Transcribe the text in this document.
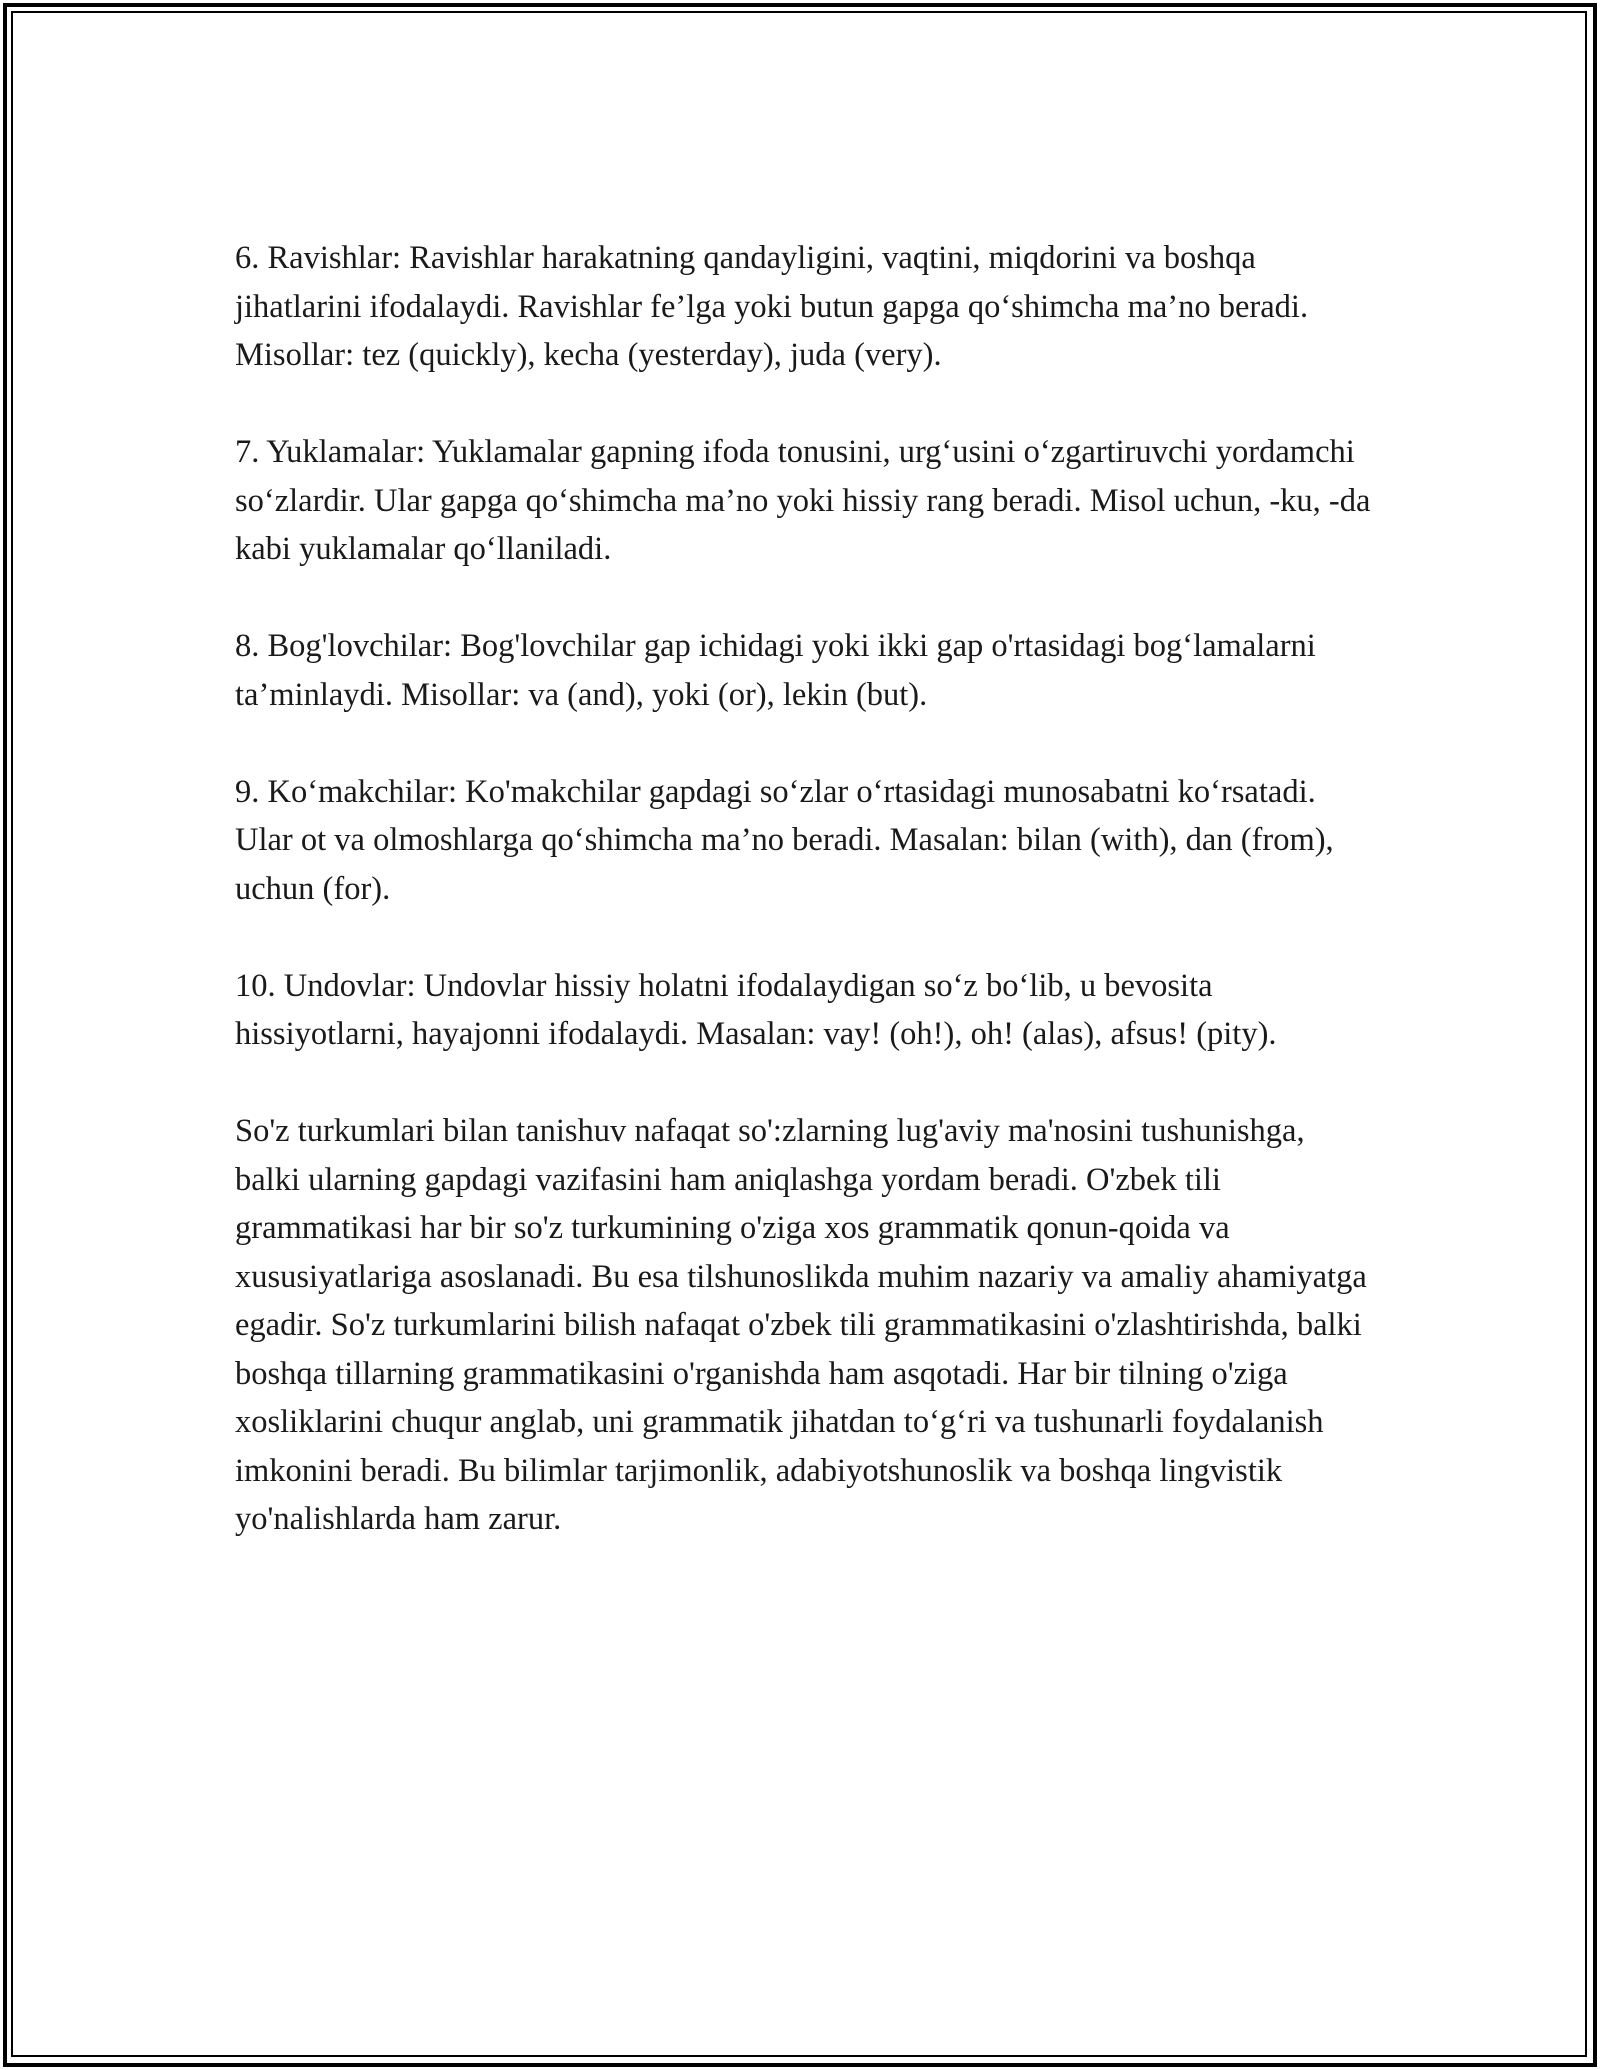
6. Ravishlar: Ravishlar harakatning qandayligini, vaqtini, miqdorini va boshqa jihatlarini ifodalaydi. Ravishlar fe’lga yoki butun gapga qo‘shimcha ma’no beradi. Misollar: tez (quickly), kecha (yesterday), juda (very).

7. Yuklamalar: Yuklamalar gapning ifoda tonusini, urg‘usini o‘zgartiruvchi yordamchi so‘zlardir. Ular gapga qo‘shimcha ma’no yoki hissiy rang beradi. Misol uchun, -ku, -da kabi yuklamalar qo‘llaniladi.

8. Bog'lovchilar: Bog'lovchilar gap ichidagi yoki ikki gap o'rtasidagi bog‘lamalarni ta’minlaydi. Misollar: va (and), yoki (or), lekin (but).

9. Ko‘makchilar: Ko'makchilar gapdagi so‘zlar o‘rtasidagi munosabatni ko‘rsatadi. Ular ot va olmoshlarga qo‘shimcha ma’no beradi. Masalan: bilan (with), dan (from), uchun (for).

10. Undovlar: Undovlar hissiy holatni ifodalaydigan so‘z bo‘lib, u bevosita hissiyotlarni, hayajonni ifodalaydi. Masalan: vay! (oh!), oh! (alas), afsus! (pity).

So'z turkumlari bilan tanishuv nafaqat so':zlarning lug'aviy ma'nosini tushunishga, balki ularning gapdagi vazifasini ham aniqlashga yordam beradi. O'zbek tili grammatikasi har bir so'z turkumining o'ziga xos grammatik qonun-qoida va xususiyatlariga asoslanadi. Bu esa tilshunoslikda muhim nazariy va amaliy ahamiyatga egadir. So'z turkumlarini bilish nafaqat o'zbek tili grammatikasini o'zlashtirishda, balki boshqa tillarning grammatikasini o'rganishda ham asqotadi. Har bir tilning o'ziga xosliklarini chuqur anglab, uni grammatik jihatdan to‘g‘ri va tushunarli foydalanish imkonini beradi. Bu bilimlar tarjimonlik, adabiyotshunoslik va boshqa lingvistik yo'nalishlarda ham zarur.
